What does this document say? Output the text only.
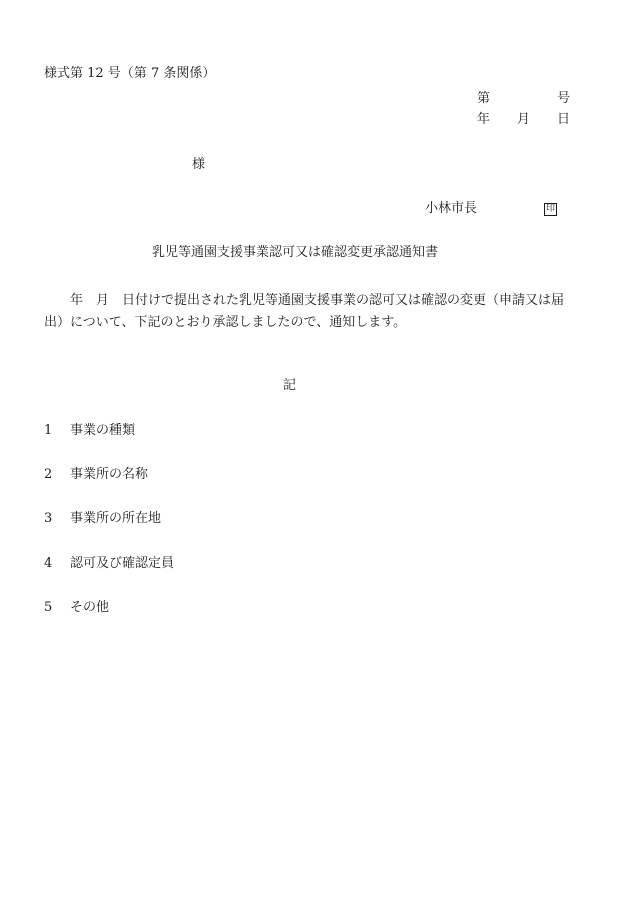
様式第 12 号（第 7 条関係）
第	号
年 月 日
様
小林市長	印
乳児等通園支援事業認可又は確認変更承認通知書
年　月　日付けで提出された乳児等通園支援事業の認可又は確認の変更（申請又は届出）について、下記のとおり承認しましたので、通知します。
記
1 事業の種類
2 事業所の名称
3 事業所の所在地
4 認可及び確認定員
5 その他
